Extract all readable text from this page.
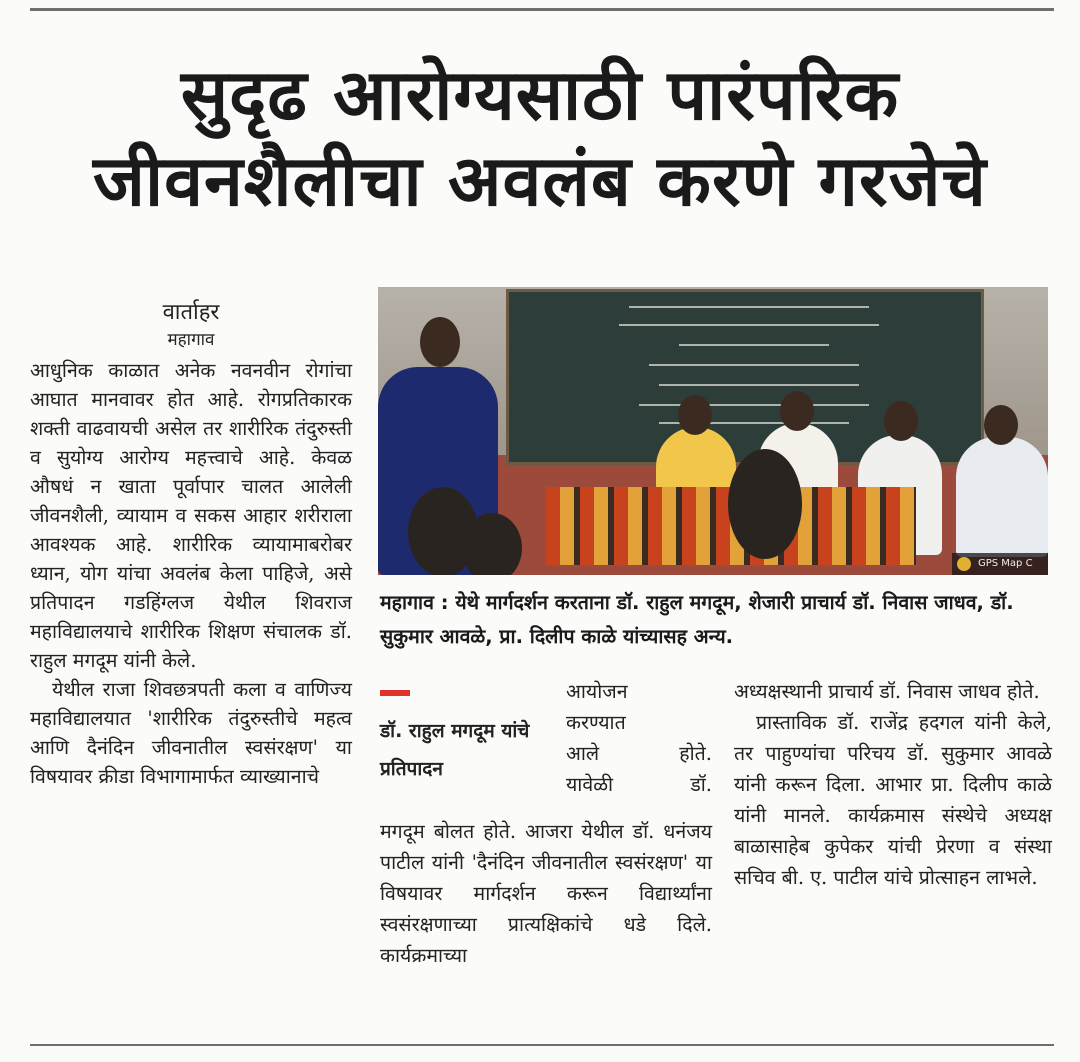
सुदृढ आरोग्यसाठी पारंपरिक
जीवनशैलीचा अवलंब करणे गरजेचे
वार्ताहर
महागाव

आधुनिक काळात अनेक नवनवीन रोगांचा आघात मानवावर होत आहे. रोगप्रतिकारक शक्ती वाढवायची असेल तर शारीरिक तंदुरुस्ती व सुयोग्य आरोग्य महत्त्वाचे आहे. केवळ औषधं न खाता पूर्वापार चालत आलेली जीवनशैली, व्यायाम व सकस आहार शरीराला आवश्यक आहे. शारीरिक व्यायामाबरोबर ध्यान, योग यांचा अवलंब केला पाहिजे, असे प्रतिपादन गडहिंग्लज येथील शिवराज महाविद्यालयाचे शारीरिक शिक्षण संचालक डॉ. राहुल मगदूम यांनी केले.

येथील राजा शिवछत्रपती कला व वाणिज्य महाविद्यालयात 'शारीरिक तंदुरुस्तीचे महत्व आणि दैनंदिन जीवनातील स्वसंरक्षण' या विषयावर क्रीडा विभागामार्फत व्याख्यानाचे

GPS Map C
महागाव : येथे मार्गदर्शन करताना डॉ. राहुल मगदूम, शेजारी प्राचार्य डॉ. निवास जाधव, डॉ. सुकुमार आवळे, प्रा. दिलीप काळे यांच्यासह अन्य.
डॉ. राहुल मगदूम यांचे प्रतिपादन
आयोजन
करण्यात
आले होते.
यावेळी डॉ.

मगदूम बोलत होते. आजरा येथील डॉ. धनंजय पाटील यांनी 'दैनंदिन जीवनातील स्वसंरक्षण' या विषयावर मार्गदर्शन करून विद्यार्थ्यांना स्वसंरक्षणाच्या प्रात्यक्षिकांचे धडे दिले. कार्यक्रमाच्या

अध्यक्षस्थानी प्राचार्य डॉ. निवास जाधव होते.

प्रास्ताविक डॉ. राजेंद्र हदगल यांनी केले, तर पाहुण्यांचा परिचय डॉ. सुकुमार आवळे यांनी करून दिला. आभार प्रा. दिलीप काळे यांनी मानले. कार्यक्रमास संस्थेचे अध्यक्ष बाळासाहेब कुपेकर यांची प्रेरणा व संस्था सचिव बी. ए. पाटील यांचे प्रोत्साहन लाभले.
